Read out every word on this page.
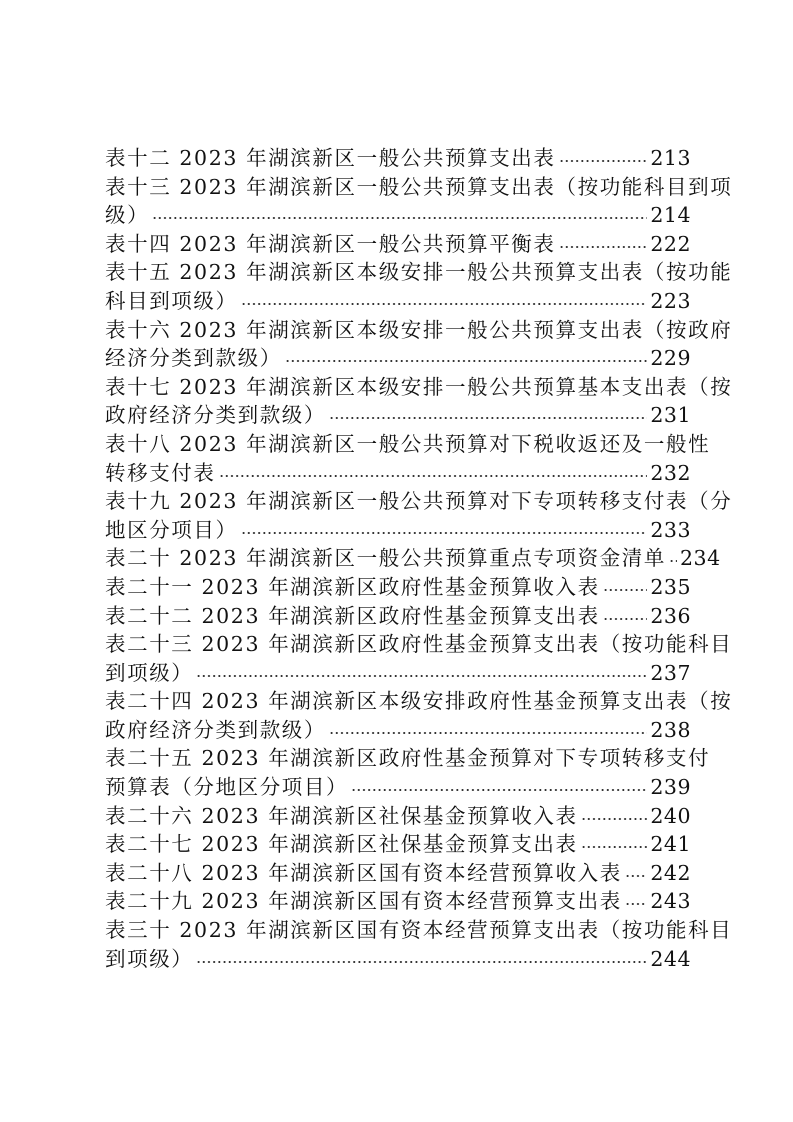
表十二 2023 年湖滨新区一般公共预算支出表	213
表十三 2023 年湖滨新区一般公共预算支出表（按功能科目到项
级）	214
表十四 2023 年湖滨新区一般公共预算平衡表	222
表十五 2023 年湖滨新区本级安排一般公共预算支出表（按功能
科目到项级）	223
表十六 2023 年湖滨新区本级安排一般公共预算支出表（按政府
经济分类到款级）	229
表十七 2023 年湖滨新区本级安排一般公共预算基本支出表（按
政府经济分类到款级）	231
表十八 2023 年湖滨新区一般公共预算对下税收返还及一般性
转移支付表	232
表十九 2023 年湖滨新区一般公共预算对下专项转移支付表（分
地区分项目）	233
表二十 2023 年湖滨新区一般公共预算重点专项资金清单 234
表二十一 2023 年湖滨新区政府性基金预算收入表 235
表二十二 2023 年湖滨新区政府性基金预算支出表 236
表二十三 2023 年湖滨新区政府性基金预算支出表（按功能科目
到项级）	237
表二十四 2023 年湖滨新区本级安排政府性基金预算支出表（按
政府经济分类到款级）	238
表二十五 2023 年湖滨新区政府性基金预算对下专项转移支付
预算表（分地区分项目）	239
表二十六 2023 年湖滨新区社保基金预算收入表	240
表二十七 2023 年湖滨新区社保基金预算支出表	241
表二十八 2023 年湖滨新区国有资本经营预算收入表 242
表二十九 2023 年湖滨新区国有资本经营预算支出表 243
表三十 2023 年湖滨新区国有资本经营预算支出表（按功能科目
到项级）	244
